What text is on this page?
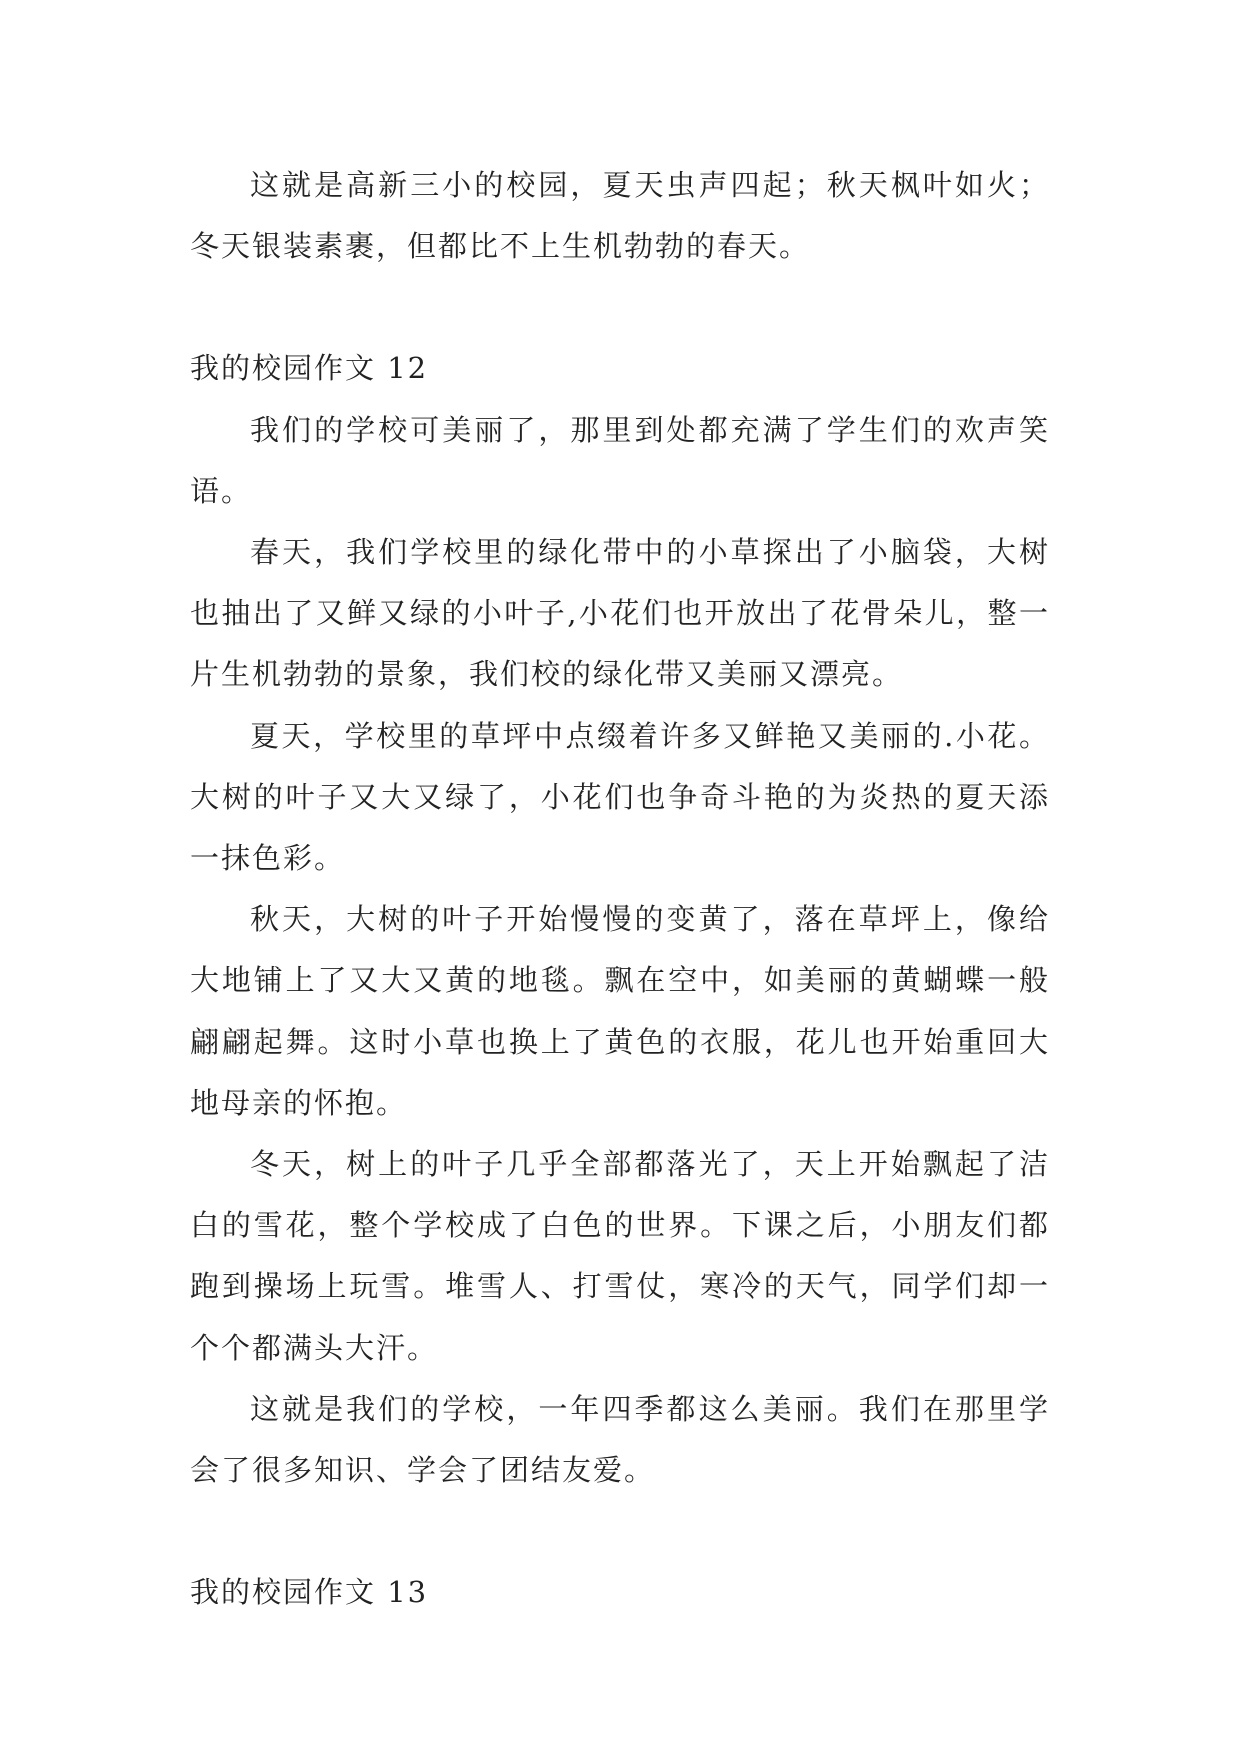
这就是高新三小的校园，夏天虫声四起；秋天枫叶如火；冬天银装素裹，但都比不上生机勃勃的春天。

我的校园作文 12

我们的学校可美丽了，那里到处都充满了学生们的欢声笑语。

春天，我们学校里的绿化带中的小草探出了小脑袋，大树也抽出了又鲜又绿的小叶子,小花们也开放出了花骨朵儿，整一片生机勃勃的景象，我们校的绿化带又美丽又漂亮。

夏天，学校里的草坪中点缀着许多又鲜艳又美丽的.小花。大树的叶子又大又绿了，小花们也争奇斗艳的为炎热的夏天添一抹色彩。

秋天，大树的叶子开始慢慢的变黄了，落在草坪上，像给大地铺上了又大又黄的地毯。飘在空中，如美丽的黄蝴蝶一般翩翩起舞。这时小草也换上了黄色的衣服，花儿也开始重回大地母亲的怀抱。

冬天，树上的叶子几乎全部都落光了，天上开始飘起了洁白的雪花，整个学校成了白色的世界。下课之后，小朋友们都跑到操场上玩雪。堆雪人、打雪仗，寒冷的天气，同学们却一个个都满头大汗。

这就是我们的学校，一年四季都这么美丽。我们在那里学会了很多知识、学会了团结友爱。

我的校园作文 13
